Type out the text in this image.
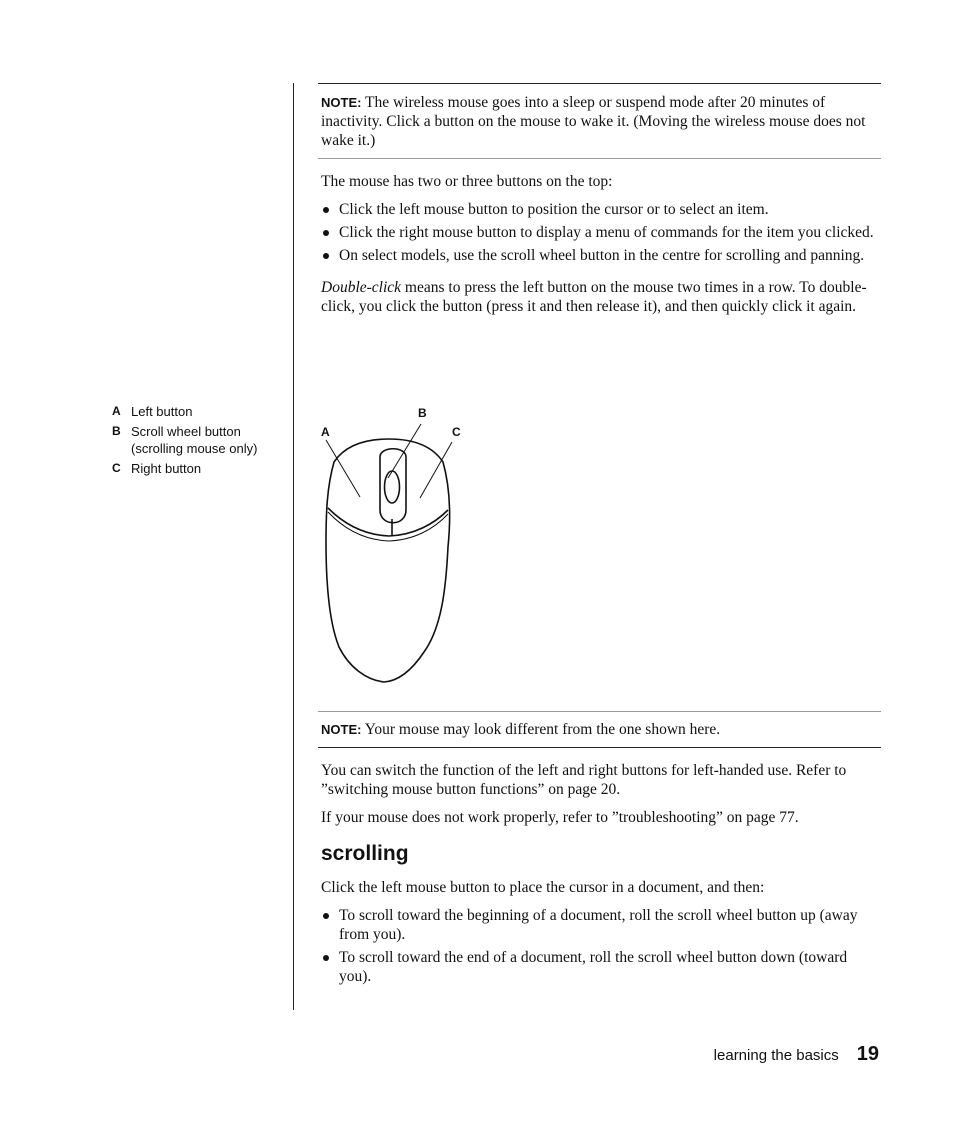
NOTE: The wireless mouse goes into a sleep or suspend mode after 20 minutes of inactivity. Click a button on the mouse to wake it. (Moving the wireless mouse does not wake it.)

The mouse has two or three buttons on the top:

Click the left mouse button to position the cursor or to select an item.
Click the right mouse button to display a menu of commands for the item you clicked.
On select models, use the scroll wheel button in the centre for scrolling and panning.

Double-click means to press the left button on the mouse two times in a row. To double-click, you click the button (press it and then release it), and then quickly click it again.

A Left button
B Scroll wheel button (scrolling mouse only)
C Right button
A
B
C
NOTE: Your mouse may look different from the one shown here.

You can switch the function of the left and right buttons for left-handed use. Refer to ”switching mouse button functions” on page 20.

If your mouse does not work properly, refer to ”troubleshooting” on page 77.

scrolling

Click the left mouse button to place the cursor in a document, and then:

To scroll toward the beginning of a document, roll the scroll wheel button up (away from you).
To scroll toward the end of a document, roll the scroll wheel button down (toward you).
learning the basics 19
